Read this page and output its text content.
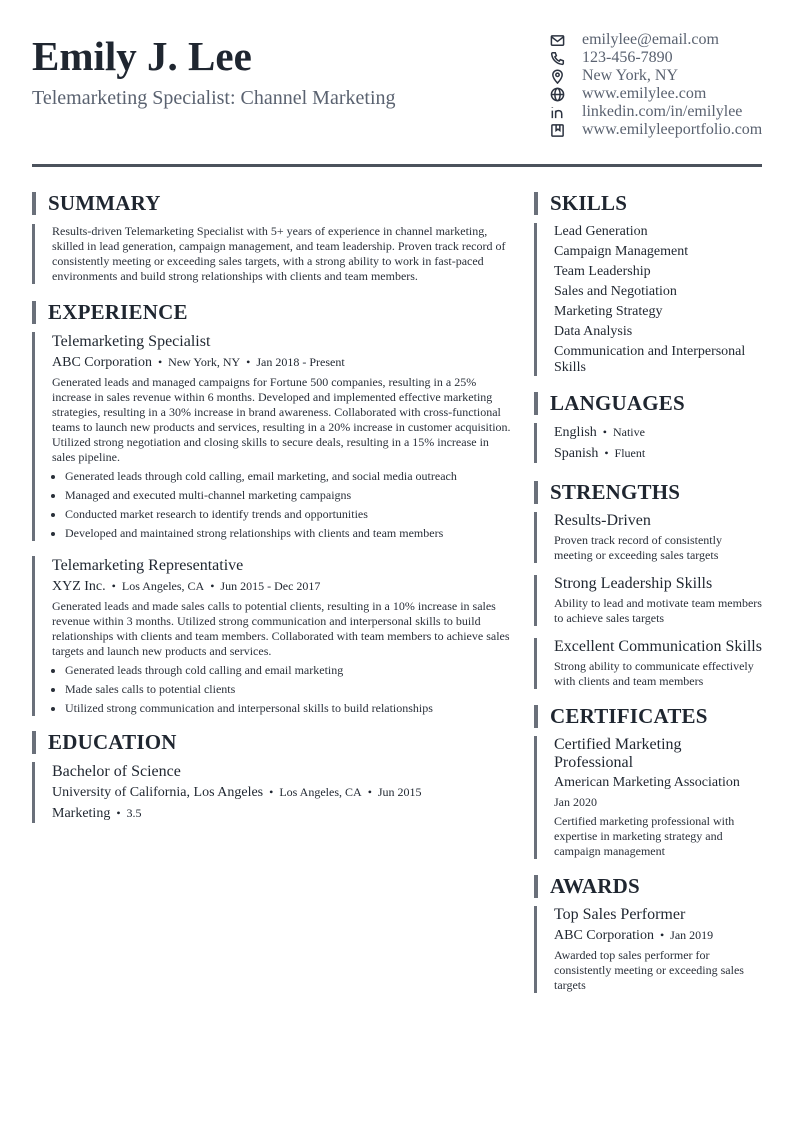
Emily J. Lee
Telemarketing Specialist: Channel Marketing
emilylee@email.com
123-456-7890
New York, NY
www.emilylee.com
linkedin.com/in/emilylee
www.emilyleeportfolio.com
SUMMARY
Results-driven Telemarketing Specialist with 5+ years of experience in channel marketing, skilled in lead generation, campaign management, and team leadership. Proven track record of consistently meeting or exceeding sales targets, with a strong ability to work in fast-paced environments and build strong relationships with clients and team members.
EXPERIENCE
Telemarketing Specialist
ABC Corporation • New York, NY • Jan 2018 - Present
Generated leads and managed campaigns for Fortune 500 companies, resulting in a 25% increase in sales revenue within 6 months. Developed and implemented effective marketing strategies, resulting in a 30% increase in brand awareness. Collaborated with cross-functional teams to launch new products and services, resulting in a 20% increase in customer acquisition. Utilized strong negotiation and closing skills to secure deals, resulting in a 15% increase in sales pipeline.
• Generated leads through cold calling, email marketing, and social media outreach
• Managed and executed multi-channel marketing campaigns
• Conducted market research to identify trends and opportunities
• Developed and maintained strong relationships with clients and team members
Telemarketing Representative
XYZ Inc. • Los Angeles, CA • Jun 2015 - Dec 2017
Generated leads and made sales calls to potential clients, resulting in a 10% increase in sales revenue within 3 months. Utilized strong communication and interpersonal skills to build relationships with clients and team members. Collaborated with team members to achieve sales targets and launch new products and services.
• Generated leads through cold calling and email marketing
• Made sales calls to potential clients
• Utilized strong communication and interpersonal skills to build relationships
EDUCATION
Bachelor of Science
University of California, Los Angeles • Los Angeles, CA • Jun 2015
Marketing • 3.5
SKILLS
Lead Generation
Campaign Management
Team Leadership
Sales and Negotiation
Marketing Strategy
Data Analysis
Communication and Interpersonal Skills
LANGUAGES
English • Native
Spanish • Fluent
STRENGTHS
Results-Driven
Proven track record of consistently meeting or exceeding sales targets
Strong Leadership Skills
Ability to lead and motivate team members to achieve sales targets
Excellent Communication Skills
Strong ability to communicate effectively with clients and team members
CERTIFICATES
Certified Marketing Professional
American Marketing Association
Jan 2020
Certified marketing professional with expertise in marketing strategy and campaign management
AWARDS
Top Sales Performer
ABC Corporation • Jan 2019
Awarded top sales performer for consistently meeting or exceeding sales targets
